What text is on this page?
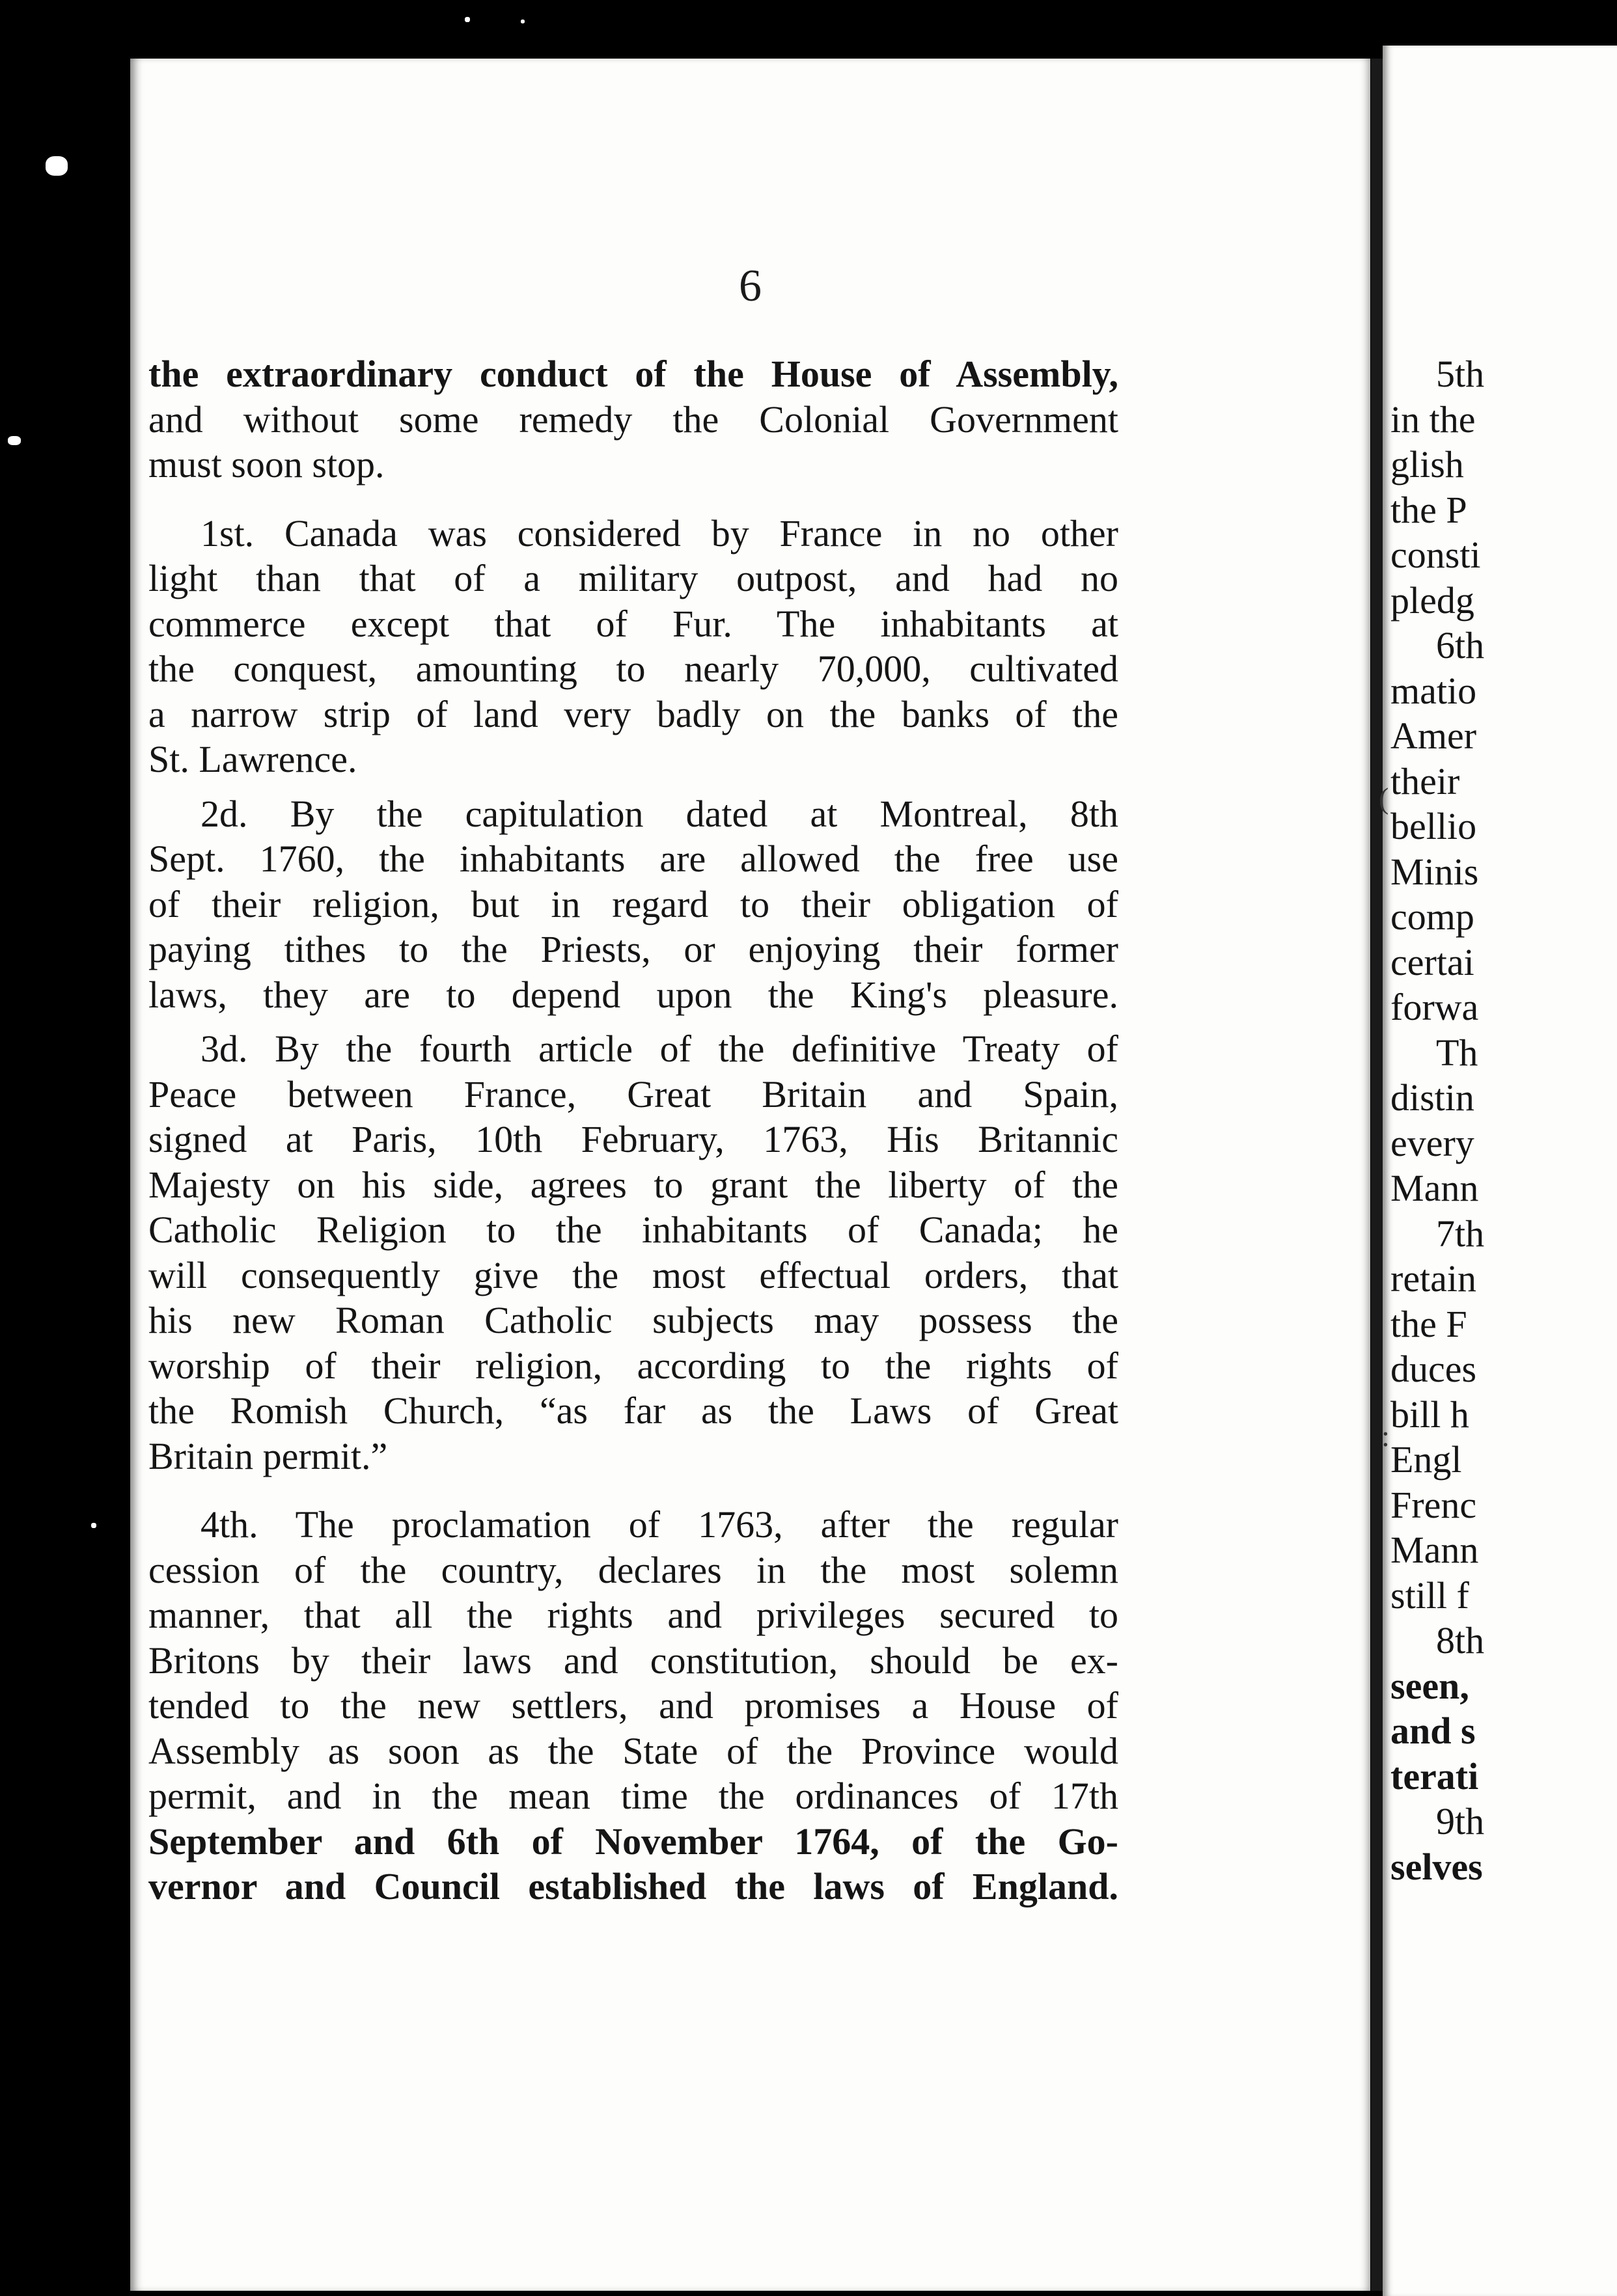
6
(
:
the extraordinary conduct of the House of Assembly,
and without some remedy the Colonial Government
must soon stop.
1st. Canada was considered by France in no other
light than that of a military outpost, and had no
commerce except that of Fur. The inhabitants at
the conquest, amounting to nearly 70,000, cultivated
a narrow strip of land very badly on the banks of the
St. Lawrence.
2d. By the capitulation dated at Montreal, 8th
Sept. 1760, the inhabitants are allowed the free use
of their religion, but in regard to their obligation of
paying tithes to the Priests, or enjoying their former
laws, they are to depend upon the King's pleasure.
3d. By the fourth article of the definitive Treaty of
Peace between France, Great Britain and Spain,
signed at Paris, 10th February, 1763, His Britannic
Majesty on his side, agrees to grant the liberty of the
Catholic Religion to the inhabitants of Canada; he
will consequently give the most effectual orders, that
his new Roman Catholic subjects may possess the
worship of their religion, according to the rights of
the Romish Church, “as far as the Laws of Great
Britain permit.”
4th. The proclamation of 1763, after the regular
cession of the country, declares in the most solemn
manner, that all the rights and privileges secured to
Britons by their laws and constitution, should be ex-
tended to the new settlers, and promises a House of
Assembly as soon as the State of the Province would
permit, and in the mean time the ordinances of 17th
September and 6th of November 1764, of the Go-
vernor and Council established the laws of England.
5th
in the
glish
the P
consti
pledg
6th
matio
Amer
their
bellio
Minis
comp
certai
forwa
Th
distin
every
Mann
7th
retain
the F
duces
bill h
Engl
Frenc
Mann
still f
8th
seen,
and s
terati
9th
selves
